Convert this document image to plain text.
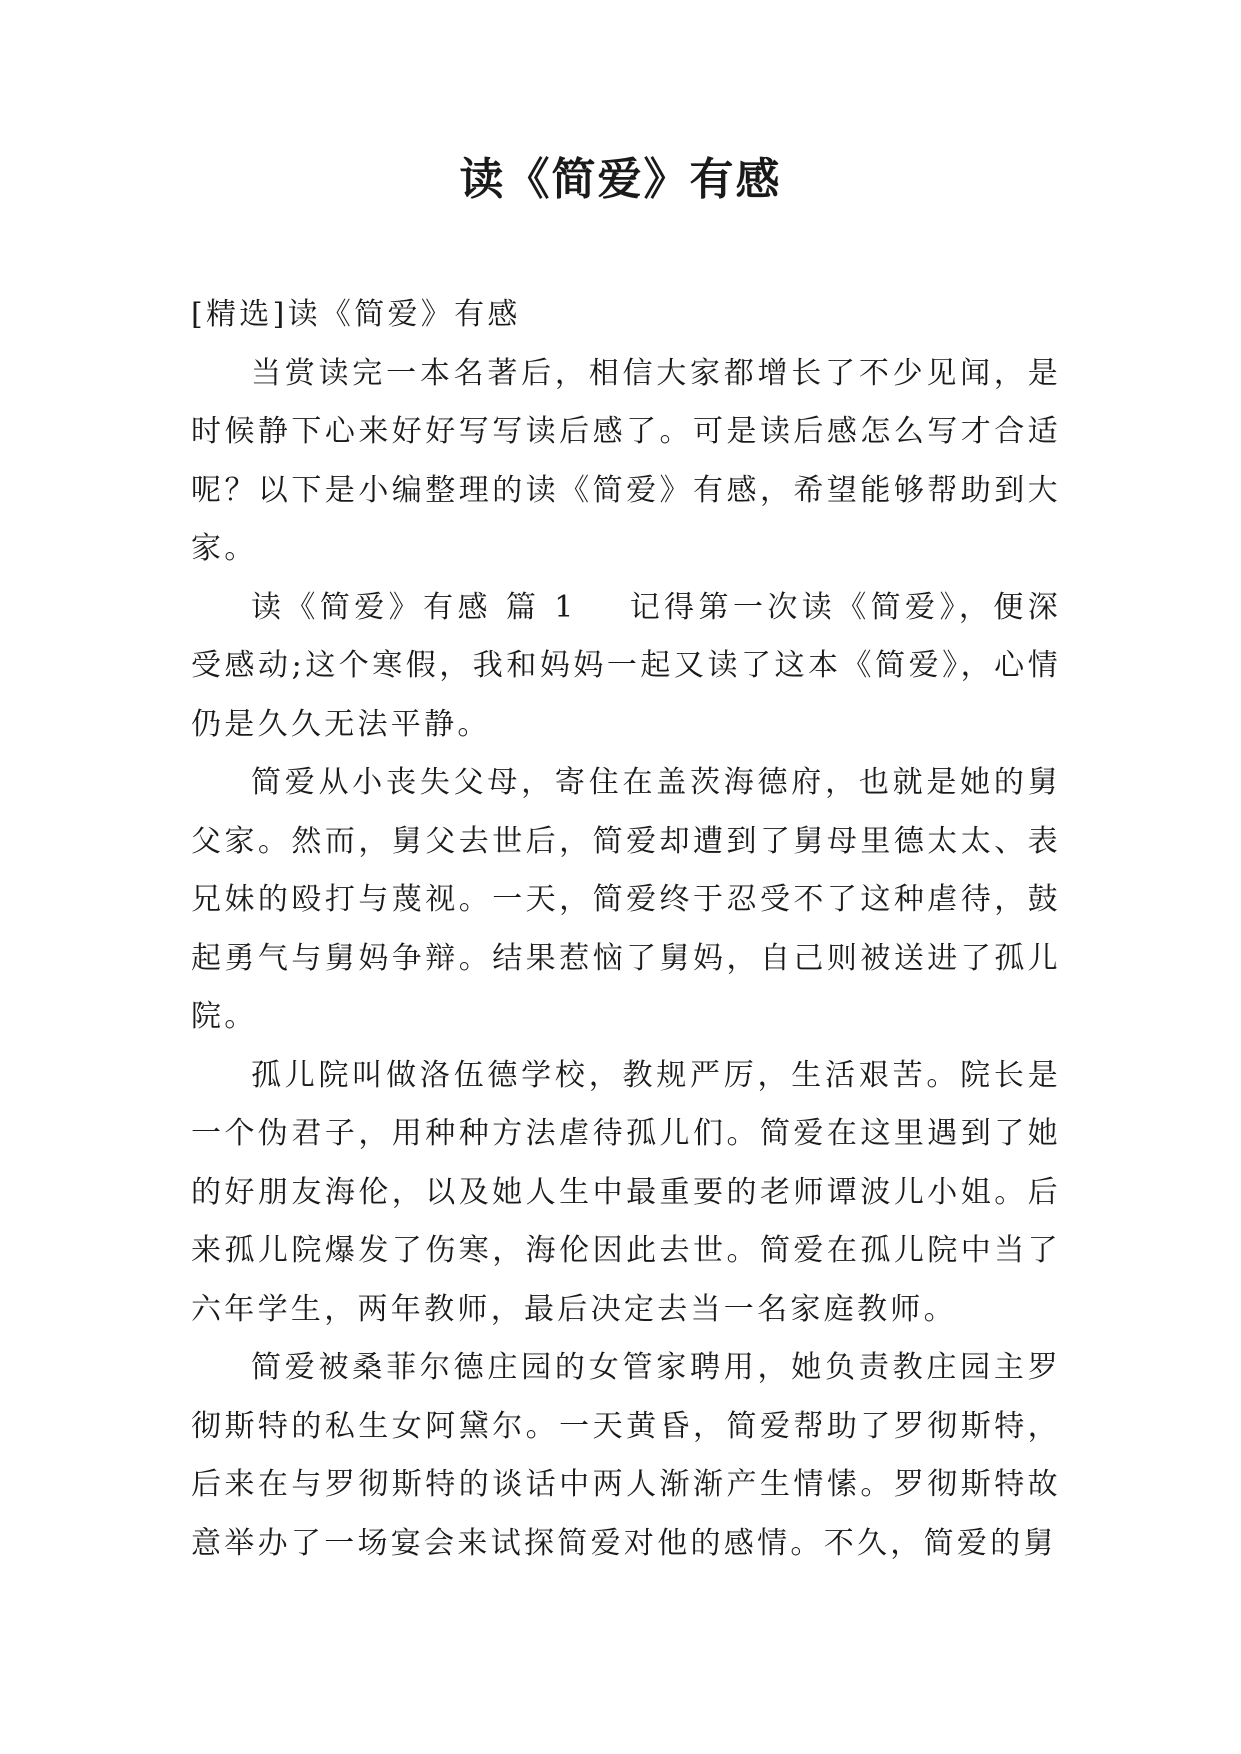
读《简爱》有感

[精选]读《简爱》有感

当赏读完一本名著后，相信大家都增长了不少见闻，是时候静下心来好好写写读后感了。可是读后感怎么写才合适呢？以下是小编整理的读《简爱》有感，希望能够帮助到大家。

读《简爱》有感 篇 1 记得第一次读《简爱》，便深受感动;这个寒假，我和妈妈一起又读了这本《简爱》，心情仍是久久无法平静。

简爱从小丧失父母，寄住在盖茨海德府，也就是她的舅父家。然而，舅父去世后，简爱却遭到了舅母里德太太、表兄妹的殴打与蔑视。一天，简爱终于忍受不了这种虐待，鼓起勇气与舅妈争辩。结果惹恼了舅妈，自己则被送进了孤儿院。

孤儿院叫做洛伍德学校，教规严厉，生活艰苦。院长是一个伪君子，用种种方法虐待孤儿们。简爱在这里遇到了她的好朋友海伦，以及她人生中最重要的老师谭波儿小姐。后来孤儿院爆发了伤寒，海伦因此去世。简爱在孤儿院中当了六年学生，两年教师，最后决定去当一名家庭教师。

简爱被桑菲尔德庄园的女管家聘用，她负责教庄园主罗彻斯特的私生女阿黛尔。一天黄昏，简爱帮助了罗彻斯特，后来在与罗彻斯特的谈话中两人渐渐产生情愫。罗彻斯特故意举办了一场宴会来试探简爱对他的感情。不久，简爱的舅
